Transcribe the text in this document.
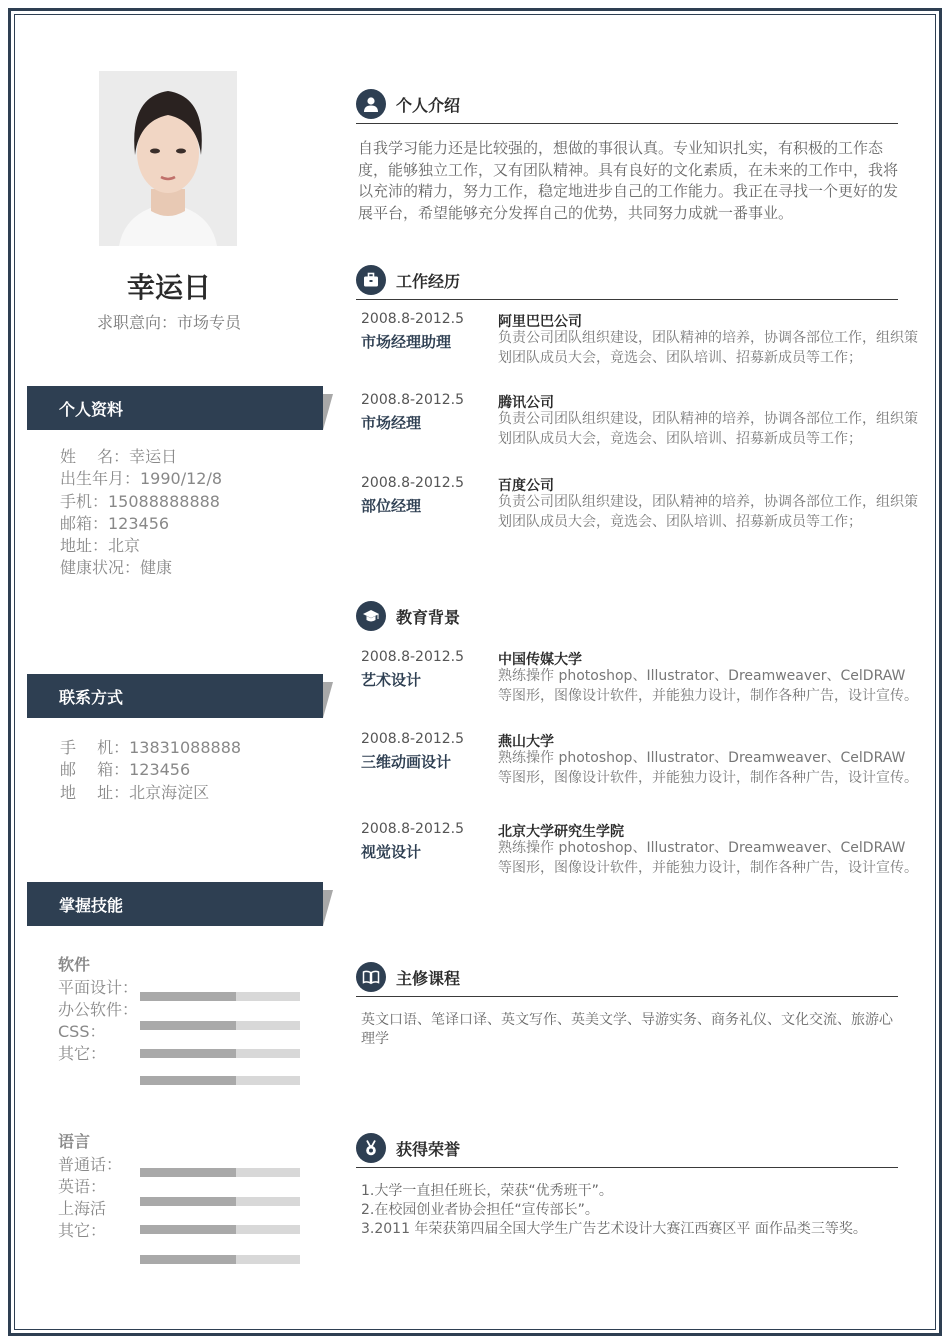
幸运日
求职意向：市场专员
个人资料
姓　 名：幸运日
出生年月：1990/12/8
手机：15088888888
邮箱：123456
地址：北京
健康状况：健康
联系方式
手　 机：13831088888
邮　 箱：123456
地　 址：北京海淀区
掌握技能
软件
平面设计：
办公软件：
CSS：
其它：
语言
普通话：
英语：
上海活
其它：
个人介绍
自我学习能力还是比较强的，想做的事很认真。专业知识扎实，有积极的工作态度，能够独立工作，又有团队精神。具有良好的文化素质，在未来的工作中，我将以充沛的精力，努力工作，稳定地进步自己的工作能力。我正在寻找一个更好的发展平台，希望能够充分发挥自己的优势，共同努力成就一番事业。
工作经历
2008.8-2012.5
市场经理助理
阿里巴巴公司
负责公司团队组织建设，团队精神的培养，协调各部位工作，组织策划团队成员大会，竟选会、团队培训、招募新成员等工作；
2008.8-2012.5
市场经理
腾讯公司
负责公司团队组织建设，团队精神的培养，协调各部位工作，组织策划团队成员大会，竟选会、团队培训、招募新成员等工作；
2008.8-2012.5
部位经理
百度公司
负责公司团队组织建设，团队精神的培养，协调各部位工作，组织策划团队成员大会，竟选会、团队培训、招募新成员等工作；
教育背景
2008.8-2012.5
艺术设计
中国传媒大学
熟练操作 photoshop、Illustrator、Dreamweaver、CelDRAW 等图形，图像设计软件，并能独力设计，制作各种广告，设计宣传。
2008.8-2012.5
三维动画设计
燕山大学
熟练操作 photoshop、Illustrator、Dreamweaver、CelDRAW 等图形，图像设计软件，并能独力设计，制作各种广告，设计宣传。
2008.8-2012.5
视觉设计
北京大学研究生学院
熟练操作 photoshop、Illustrator、Dreamweaver、CelDRAW 等图形，图像设计软件，并能独力设计，制作各种广告，设计宣传。
主修课程
英文口语、笔译口译、英文写作、英美文学、导游实务、商务礼仪、文化交流、旅游心理学
获得荣誉
1.大学一直担任班长，荣获“优秀班干”。
2.在校园创业者协会担任“宣传部长”。
3.2011 年荣获第四届全国大学生广告艺术设计大赛江西赛区平 面作品类三等奖。
